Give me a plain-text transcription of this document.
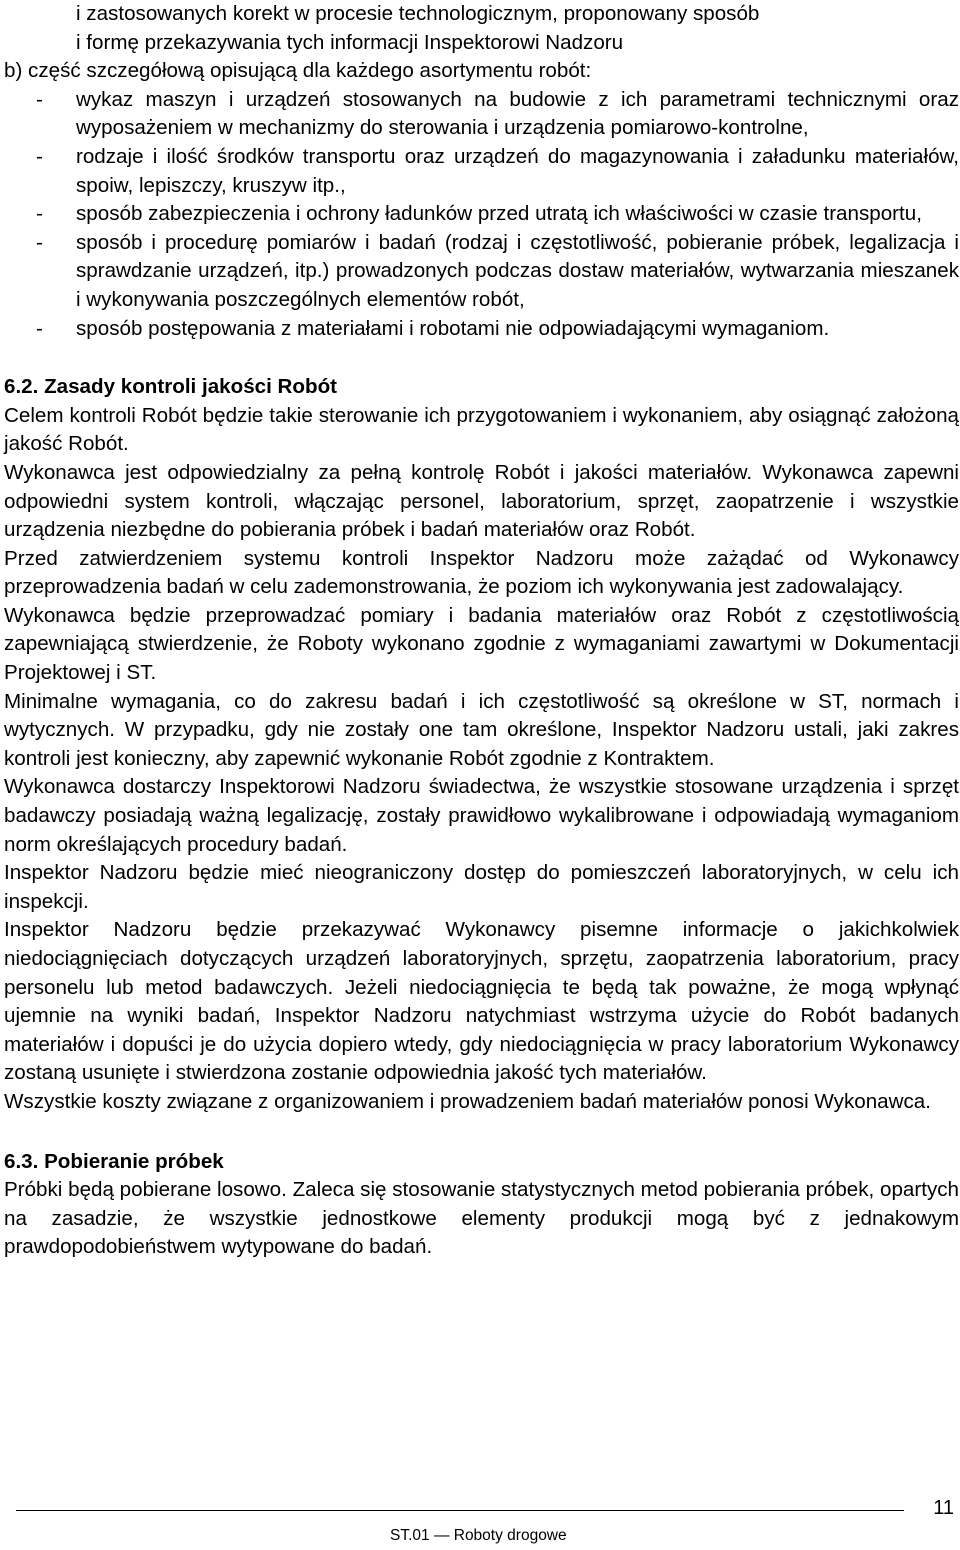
i zastosowanych korekt w procesie technologicznym, proponowany sposób

i formę przekazywania tych informacji Inspektorowi Nadzoru

b) część szczegółową opisującą dla każdego asortymentu robót:

- wykaz maszyn i urządzeń stosowanych na budowie z ich parametrami technicznymi oraz wyposażeniem w mechanizmy do sterowania i urządzenia pomiarowo-kontrolne,

- rodzaje i ilość środków transportu oraz urządzeń do magazynowania i załadunku materiałów, spoiw, lepiszczy, kruszyw itp.,

- sposób zabezpieczenia i ochrony ładunków przed utratą ich właściwości w czasie transportu,

- sposób i procedurę pomiarów i badań (rodzaj i częstotliwość, pobieranie próbek, legalizacja i sprawdzanie urządzeń, itp.) prowadzonych podczas dostaw materiałów, wytwarzania mieszanek i wykonywania poszczególnych elementów robót,

- sposób postępowania z materiałami i robotami nie odpowiadającymi wymaganiom.

6.2. Zasady kontroli jakości Robót

Celem kontroli Robót będzie takie sterowanie ich przygotowaniem i wykonaniem, aby osiągnąć założoną jakość Robót.

Wykonawca jest odpowiedzialny za pełną kontrolę Robót i jakości materiałów. Wykonawca zapewni odpowiedni system kontroli, włączając personel, laboratorium, sprzęt, zaopatrzenie i wszystkie urządzenia niezbędne do pobierania próbek i badań materiałów oraz Robót.

Przed zatwierdzeniem systemu kontroli Inspektor Nadzoru może zażądać od Wykonawcy przeprowadzenia badań w celu zademonstrowania, że poziom ich wykonywania jest zadowalający.

Wykonawca będzie przeprowadzać pomiary i badania materiałów oraz Robót z częstotliwością zapewniającą stwierdzenie, że Roboty wykonano zgodnie z wymaganiami zawartymi w Dokumentacji Projektowej i ST.

Minimalne wymagania, co do zakresu badań i ich częstotliwość są określone w ST, normach i wytycznych. W przypadku, gdy nie zostały one tam określone, Inspektor Nadzoru ustali, jaki zakres kontroli jest konieczny, aby zapewnić wykonanie Robót zgodnie z Kontraktem.

Wykonawca dostarczy Inspektorowi Nadzoru świadectwa, że wszystkie stosowane urządzenia i sprzęt badawczy posiadają ważną legalizację, zostały prawidłowo wykalibrowane i odpowiadają wymaganiom norm określających procedury badań.

Inspektor Nadzoru będzie mieć nieograniczony dostęp do pomieszczeń laboratoryjnych, w celu ich inspekcji.

Inspektor Nadzoru będzie przekazywać Wykonawcy pisemne informacje o jakichkolwiek niedociągnięciach dotyczących urządzeń laboratoryjnych, sprzętu, zaopatrzenia laboratorium, pracy personelu lub metod badawczych. Jeżeli niedociągnięcia te będą tak poważne, że mogą wpłynąć ujemnie na wyniki badań, Inspektor Nadzoru natychmiast wstrzyma użycie do Robót badanych materiałów i dopuści je do użycia dopiero wtedy, gdy niedociągnięcia w pracy laboratorium Wykonawcy zostaną usunięte i stwierdzona zostanie odpowiednia jakość tych materiałów.

Wszystkie koszty związane z organizowaniem i prowadzeniem badań materiałów ponosi Wykonawca.

6.3. Pobieranie próbek

Próbki będą pobierane losowo. Zaleca się stosowanie statystycznych metod pobierania próbek, opartych na zasadzie, że wszystkie jednostkowe elementy produkcji mogą być z jednakowym prawdopodobieństwem wytypowane do badań.

11
ST.01 — Roboty drogowe
